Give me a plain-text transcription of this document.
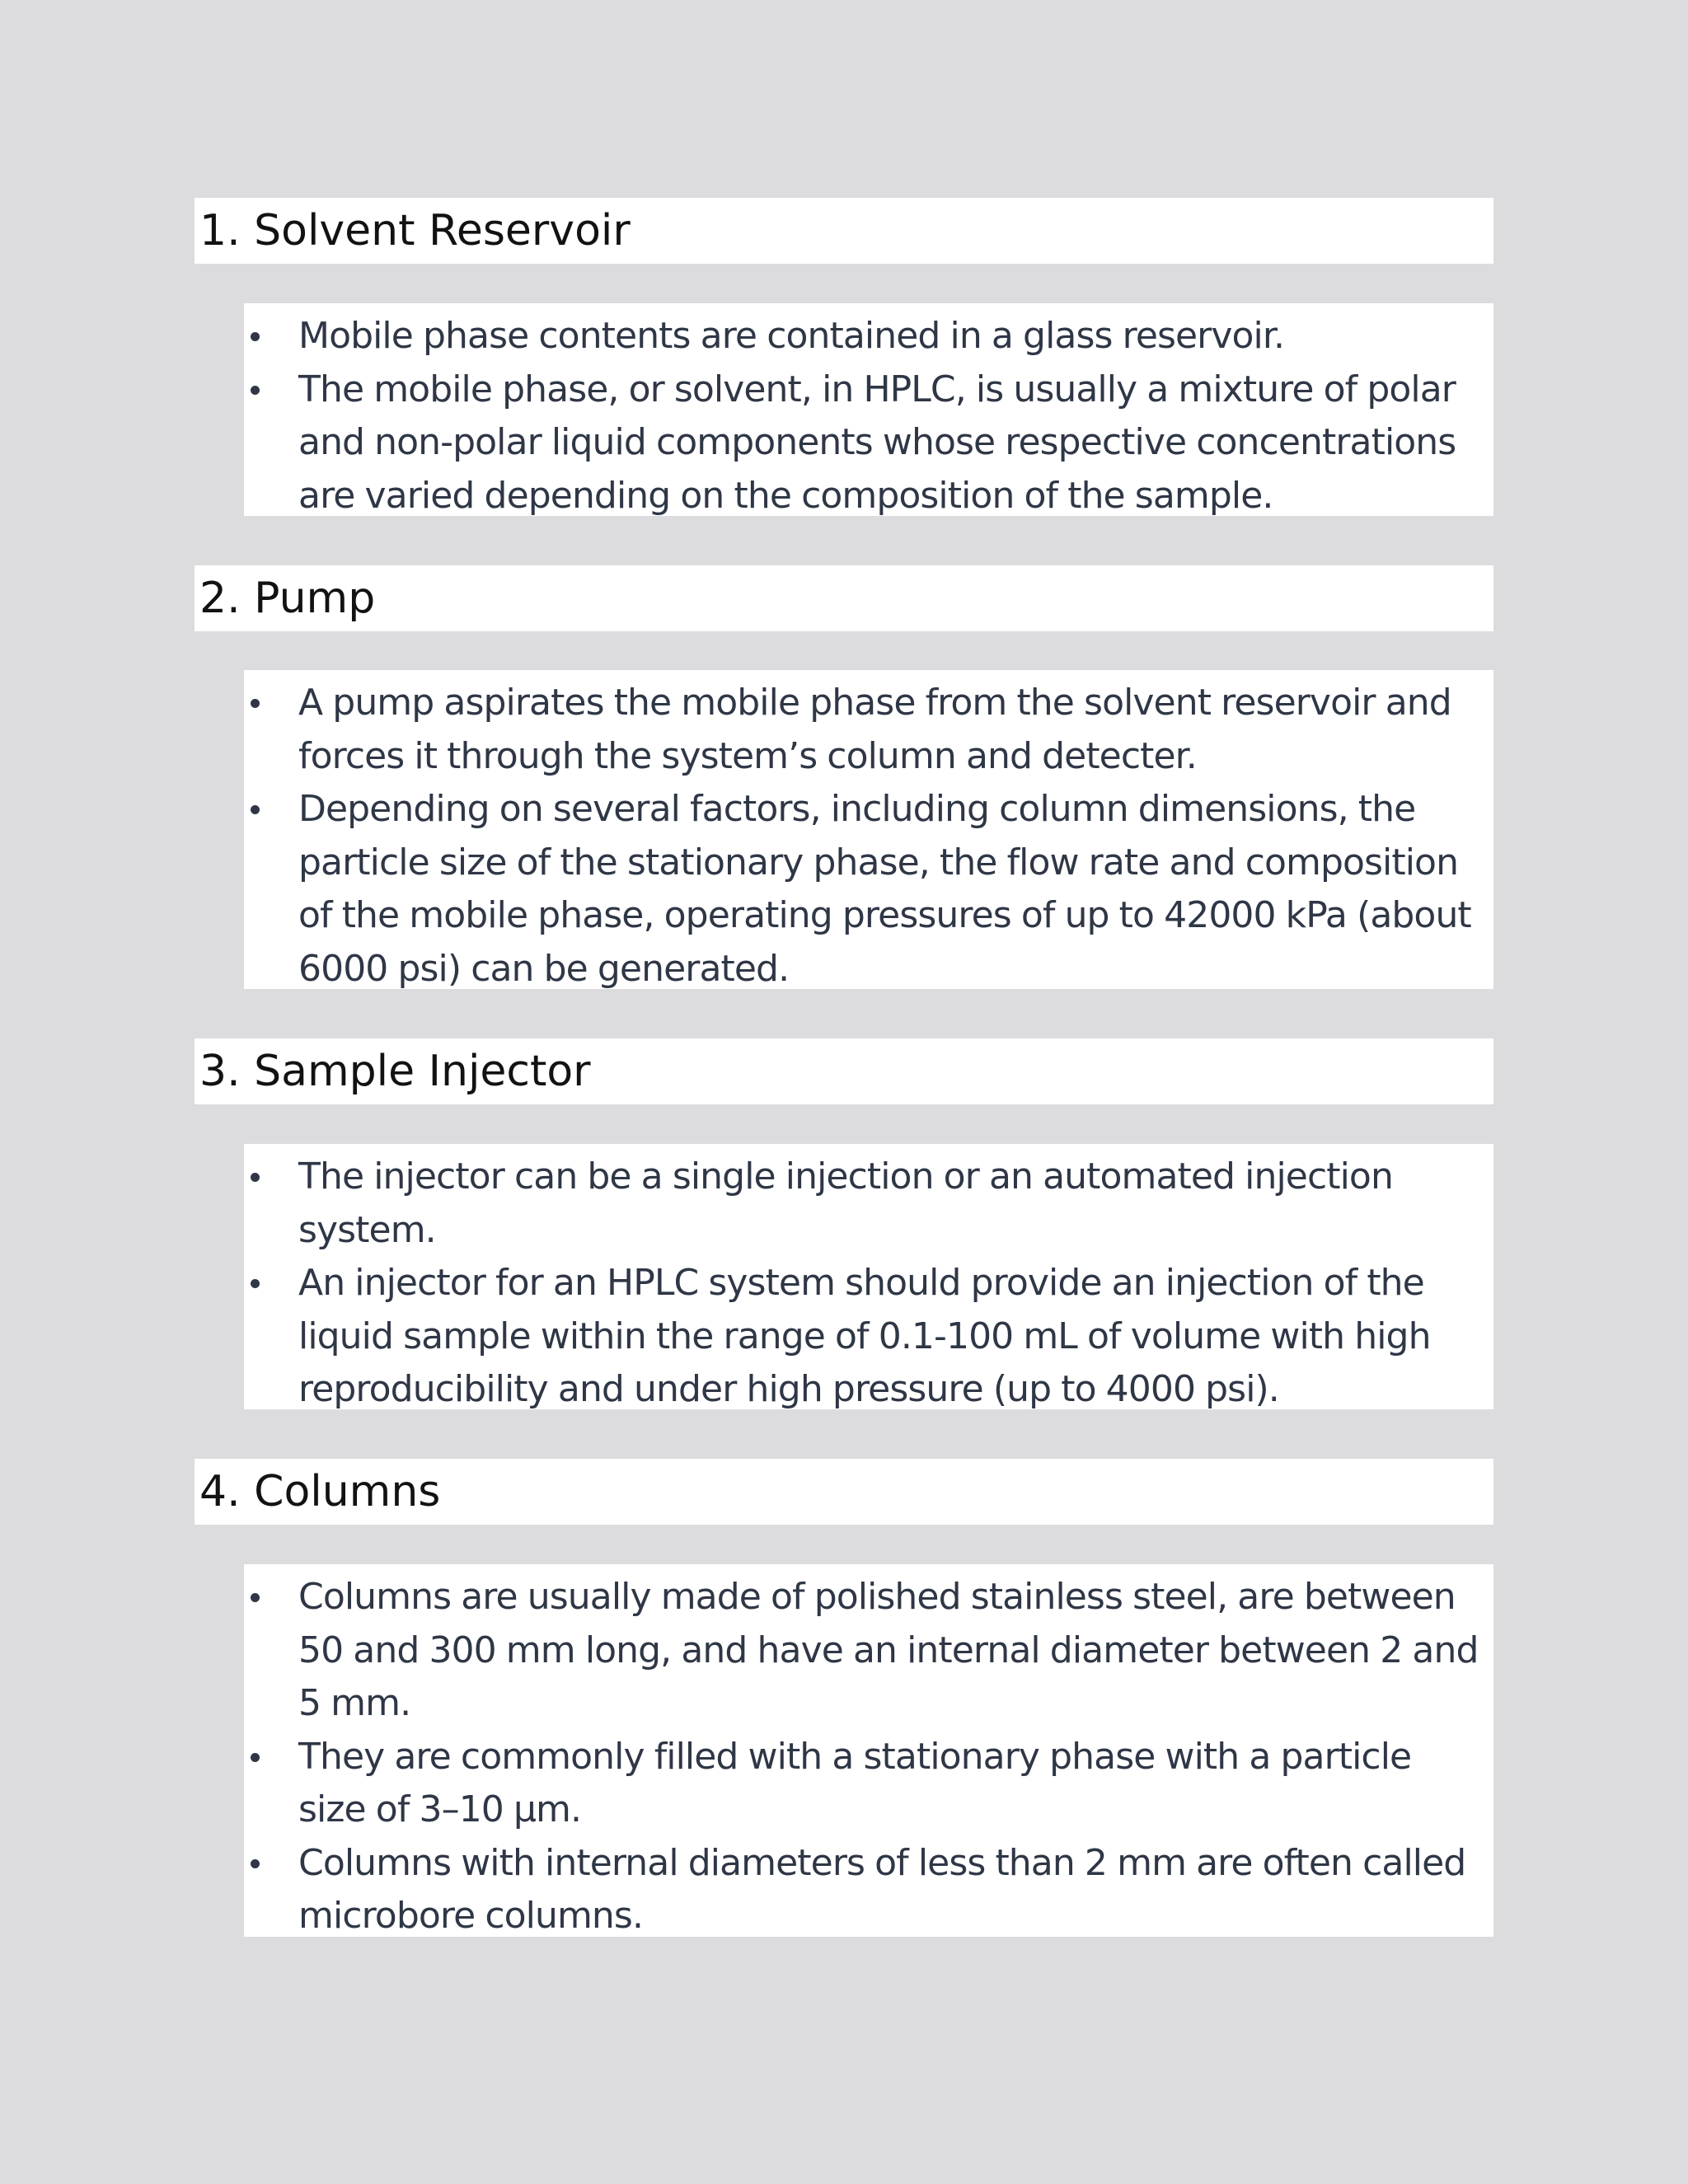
1. Solvent Reservoir
Mobile phase contents are contained in a glass reservoir.
The mobile phase, or solvent, in HPLC, is usually a mixture of polar and non-polar liquid components whose respective concentrations are varied depending on the composition of the sample.
2. Pump
A pump aspirates the mobile phase from the solvent reservoir and forces it through the system’s column and detecter.
Depending on several factors, including column dimensions, the particle size of the stationary phase, the flow rate and composition of the mobile phase, operating pressures of up to 42000 kPa (about 6000 psi) can be generated.
3. Sample Injector
The injector can be a single injection or an automated injection system.
An injector for an HPLC system should provide an injection of the liquid sample within the range of 0.1-100 mL of volume with high reproducibility and under high pressure (up to 4000 psi).
4. Columns
Columns are usually made of polished stainless steel, are between 50 and 300 mm long, and have an internal diameter between 2 and 5 mm.
They are commonly filled with a stationary phase with a particle size of 3–10 μm.
Columns with internal diameters of less than 2 mm are often called microbore columns.
